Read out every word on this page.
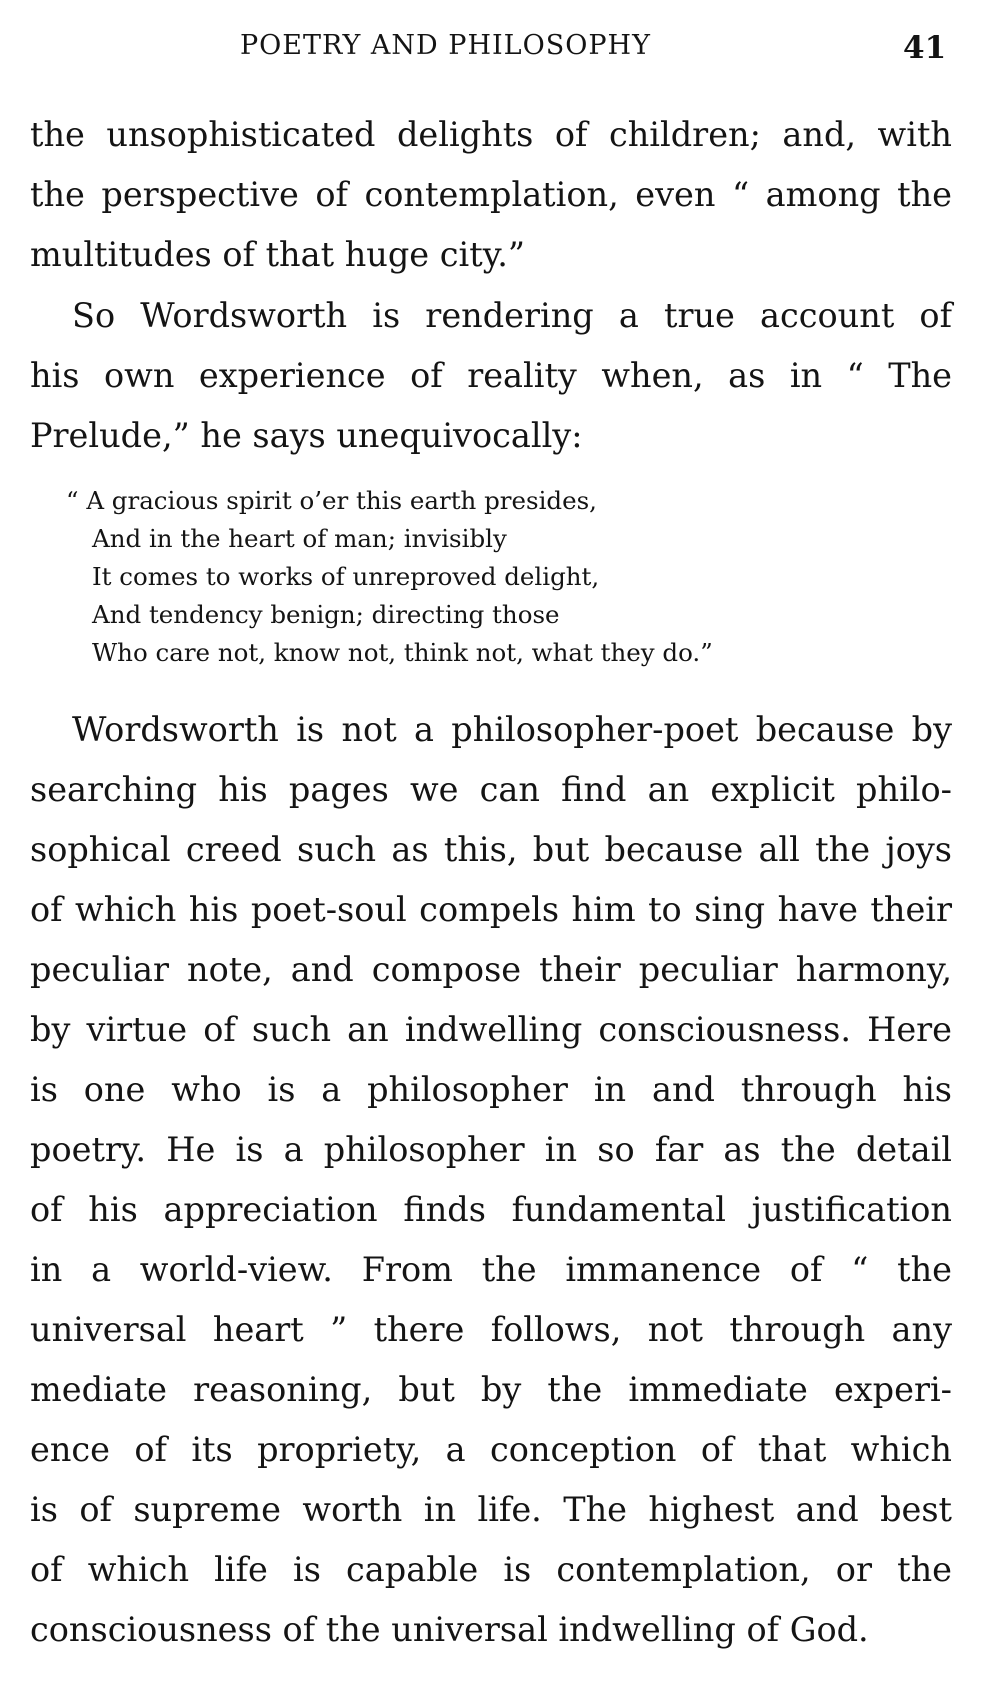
POETRY AND PHILOSOPHY	41
the unsophisticated delights of children; and, with
the perspective of contemplation, even “ among the
multitudes of that huge city.”
So Wordsworth is rendering a true account of
his own experience of reality when, as in “ The
Prelude,” he says unequivocally:
“ A gracious spirit o’er this earth presides,
And in the heart of man; invisibly
It comes to works of unreproved delight,
And tendency benign; directing those
Who care not, know not, think not, what they do.”
Wordsworth is not a philosopher-poet because by
searching his pages we can find an explicit philo-
sophical creed such as this, but because all the joys
of which his poet-soul compels him to sing have their
peculiar note, and compose their peculiar harmony,
by virtue of such an indwelling consciousness. Here
is one who is a philosopher in and through his
poetry. He is a philosopher in so far as the detail
of his appreciation finds fundamental justification
in a world-view. From the immanence of “ the
universal heart ” there follows, not through any
mediate reasoning, but by the immediate experi-
ence of its propriety, a conception of that which
is of supreme worth in life. The highest and best
of which life is capable is contemplation, or the
consciousness of the universal indwelling of God.
